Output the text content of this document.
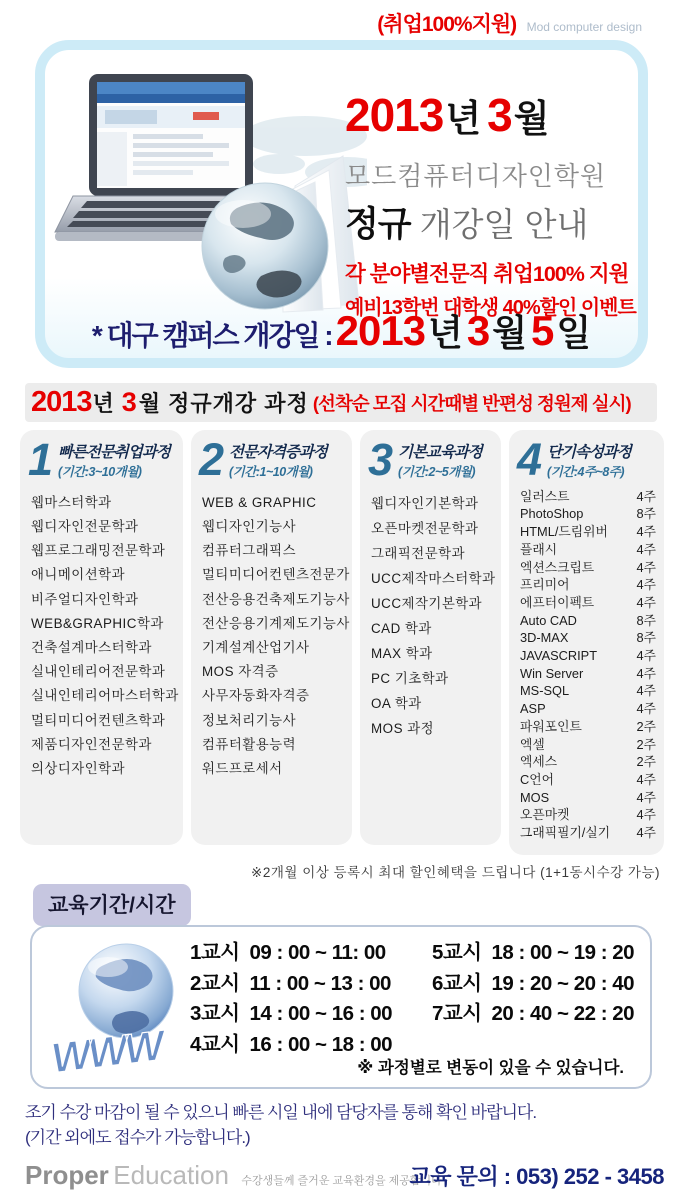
(취업100%지원) Mod computer design
2013년 3월
모드컴퓨터디자인학원
정규 개강일 안내
각 분야별전문직 취업100% 지원
예비13학번 대학생 40%할인 이벤트
* 대구 캠퍼스 개강일 :2013년3월5일
2013 년 3 월 정규개강 과정 (선착순 모집 시간때별 반편성 정원제 실시)
1 빠른전문취업과정
(기간:3~10개월)
웹마스터학과
웹디자인전문학과
웹프로그래밍전문학과
애니메이션학과
비주얼디자인학과
WEB&GRAPHIC학과
건축설계마스터학과
실내인테리어전문학과
실내인테리어마스터학과
멀티미디어컨텐츠학과
제품디자인전문학과
의상디자인학과
2 전문자격증과정
(기간:1~10개월)
WEB & GRAPHIC
웹디자인기능사
컴퓨터그래픽스
멀티미디어컨텐츠전문가
전산응용건축제도기능사
전산응용기계제도기능사
기계설계산업기사
MOS 자격증
사무자동화자격증
정보처리기능사
컴퓨터활용능력
워드프로세서
3 기본교육과정
(기간:2~5개월)
웹디자인기본학과
오픈마켓전문학과
그래픽전문학과
UCC제작마스터학과
UCC제작기본학과
CAD 학과
MAX 학과
PC 기초학과
OA 학과
MOS 과정
4 단기속성과정
(기간:4주~8주)
일러스트	4주
PhotoShop	8주
HTML/드림위버 4주
플래시	4주
엑션스크립트	4주
프리미어	4주
에프터이펙트	4주
Auto CAD	8주
3D-MAX	8주
JAVASCRIPT	4주
Win Server	4주
MS-SQL	4주
ASP	4주
파워포인트	2주
엑셀	2주
엑세스	2주
C언어	4주
MOS	4주
오픈마켓	4주
그래픽필기/실기 4주
※2개월 이상 등록시 최대 할인혜택을 드립니다 (1+1동시수강 가능)
교육기간/시간
WWW
1교시 09 : 00 ~ 11: 00
2교시 11 : 00 ~ 13 : 00
3교시 14 : 00 ~ 16 : 00
4교시 16 : 00 ~ 18 : 00
5교시 18 : 00 ~ 19 : 20
6교시 19 : 20 ~ 20 : 40
7교시 20 : 40 ~ 22 : 20
※ 과정별로 변동이 있을 수 있습니다.
조기 수강 마감이 될 수 있으니 빠른 시일 내에 담당자를 통해 확인 바랍니다.
(기간 외에도 접수가 가능합니다.)
Proper Education 수강생들께 즐거운 교육환경을 제공합니다
교육 문의 : 053) 252 - 3458
